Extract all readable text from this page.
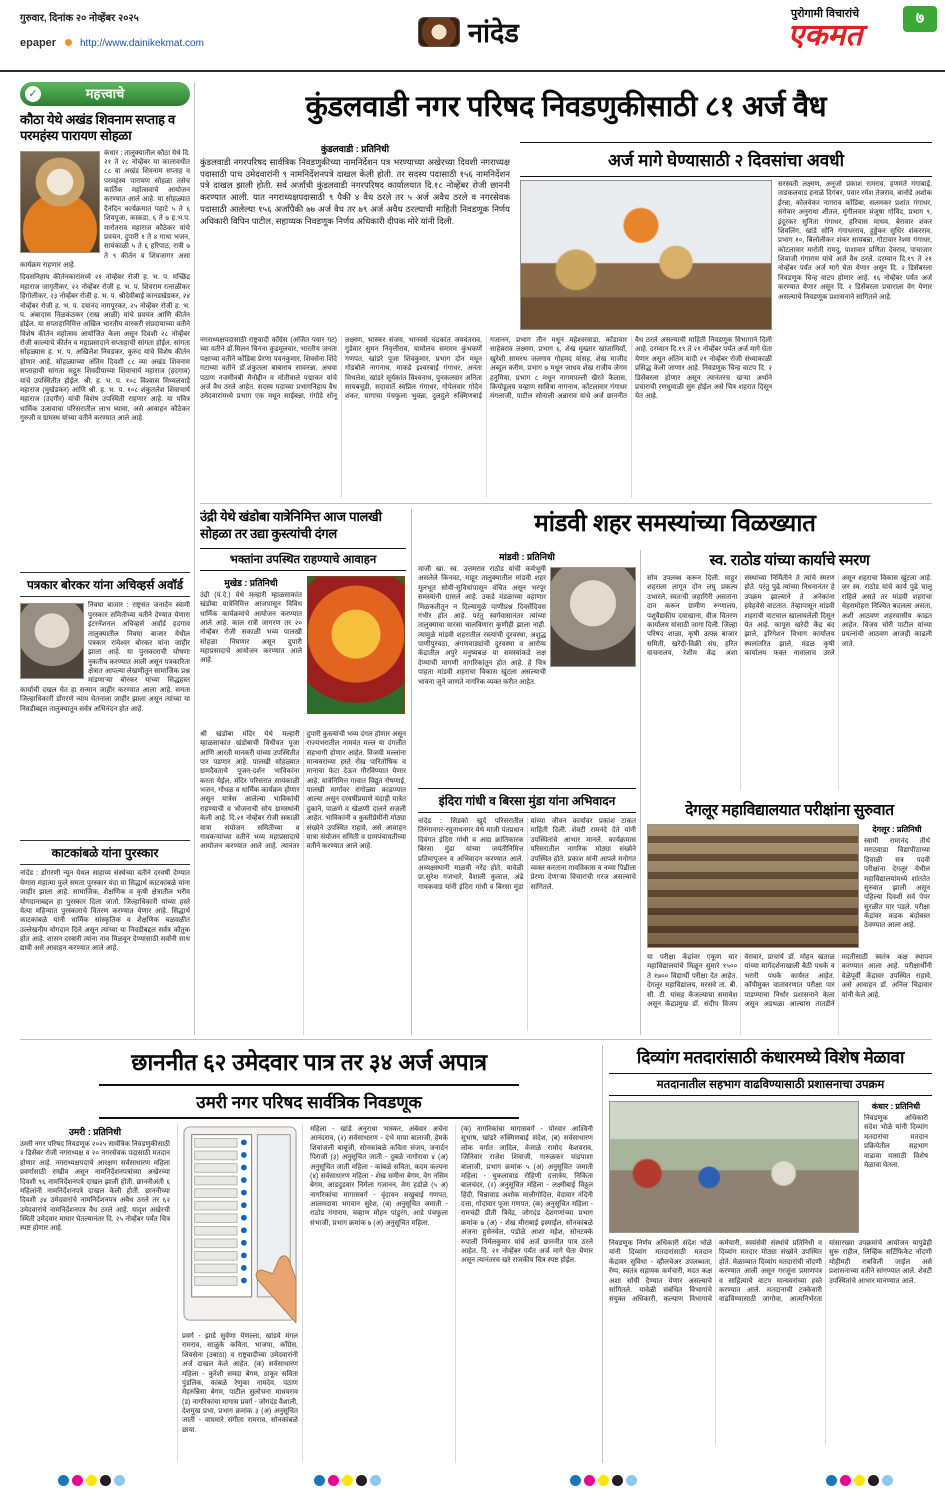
गुरुवार, दिनांक २० नोव्हेंबर २०२५
epaper http://www.dainikekmat.com	नांदेड
पुरोगामी विचारांचे
एकमत
७
✓	महत्त्वाचे
कौठा येथे अखंड शिवनाम सप्ताह व परमहंस्य पारायण सोहळा
कंधार : तालुक्यातील कौठा येथे दि. २१ ते २८ नोव्हेंबर या कालावधीत ८८ वा अखंड शिवनाम सप्ताह व परमहंस्य पारायण सोहळा तसेच कार्तिक महोत्सवाचे आयोजन करण्यात आले आहे. या सोहळ्यात दैनंदिन कार्यक्रमात पहाटे ५ ते ६ शिवपूजा, काकडा, ६ ते ७ ह.भ.प. मारोतराव महाराज कौठेकर यांचे प्रवचन, दुपारी १ ते ४ गाथा भजन, सायंकाळी ५ ते ६ हरिपाठ, रात्री ७ ते ९ कीर्तन व शिवजागर असा कार्यक्रम राहणार आहे.
दिवसनिहाय कीर्तनकारांमध्ये २१ नोव्हेंबर रोजी ह. भ. प. मच्छिंद्र महाराज जागृतीकर, २२ नोव्हेंबर रोजी ह. भ. प. शिवराम रत्नाळीकर हिंगोलीकर, २३ नोव्हेंबर रोजी ह. भ. प. श्रीदेवीबाई कानडखेडकर, २४ नोव्हेंबर रोजी ह. भ. प. दयानंद नागपूरकर, २५ नोव्हेंबर रोजी ह. भ. प. अंबादास निळकंठकर (राख आळी) यांचे प्रवचन आणि कीर्तन होईल. या सप्ताहानिमित्त अखिल भारतीय वारकरी संप्रदायाच्या वतीने विशेष कीर्तन महोत्सव आयोजित केला असून दिवशी २८ नोव्हेंबर रोजी काल्याचे कीर्तन व महाप्रसादाने सप्ताहाची सांगता होईल. सांगता सोहळ्यास ह. भ. प. अखिलेश निवडकर, कुरुंद यांचे विशेष कीर्तन होणार आहे. सोहळ्याच्या अंतिम दिवशी ८८ व्या अखंड शिवनाम सप्ताहाची सांगता सद्गुरु शिवदीपाच्या शिवाचार्य महाराज (हदगाव) यांचे उपस्थितीत होईल. श्री. ह. भ. प. १०८ विश्वास मिथ्यलवाड़े महाराज (मुखेडकर) आणि श्री. ह. भ. प. १०८ शंकुतलेश शिवाचार्य महाराज (उदगीर) यांची विशेष उपस्थिती राहणार आहे. या पवित्र धार्मिक उत्सवाचा परिसरातील लाभ घ्यावा, असे आवाहन कौठेकर गुरुजी व ग्रामस्थ यांच्या वतीने करण्यात आले आहे.
पत्रकार बोरकर यांना अचिव्हर्स अवॉर्ड
निवघा बाजार : राष्ट्रसंत जनार्दन स्वामी पुरस्कार समितीच्या वतीने देण्यात येणारा इंटरनॅशनल अचिव्हर्स अवॉर्ड हदगाव तालुक्यातील निवघा बाजार येथील पत्रकार रामेश्वर बोरकर यांना जाहीर झाला आहे. या पुरस्काराची घोषणा नुकतीच करण्यात आली असून पत्रकारिता क्षेत्रात आपल्या लेखणीतून सामाजिक प्रश्न मांडणाऱ्या बोरकर यांच्या सिद्धहस्त कार्याची दखल घेत हा सन्मान जाहीर करण्यात आला आहे. समता जिल्हाधिकारी डोंगरणे न्याय चेतनाला जाहीर झाला असून त्यांच्या या निवडीबद्दल तालुक्यातून सर्वत्र अभिनंदन होत आहे.
काटकांबळे यांना पुरस्कार
नांदेड : डोंगरणी न्यून येथल साहाय्य संस्थेच्या वतीने दरवर्षी देण्यात येणारा महात्मा फुले समता पुरस्कार यंदा या सिद्धार्थ काटकांबळे यांना जाहीर झाला आहे. सामाजिक, शैक्षणिक व कृषी क्षेत्रातील भरीव योगदानाबद्दल हा पुरस्कार दिला जातो. जिल्हाधिकारी यांच्या हस्ते येत्या महिन्यात पुरस्काराचे वितरण करण्यात येणार आहे. सिद्धार्थ काटकांबळे यांनी धार्मिक सांस्कृतिक व शैक्षणिक चळवळीत उल्लेखनीय योगदान दिले असून त्यांच्या या निवडीबद्दल सर्वत्र कौतुक होत आहे. शासन दरबारी त्यांना नाव मिळवून देण्यासाठी सर्वांनी साथ द्यावी असे आवाहन करण्यात आले आहे.
कुंडलवाडी नगर परिषद निवडणुकीसाठी ८१ अर्ज वैध
कुंडलवाडी : प्रतिनिधी
कुंडलवाडी नगरपरिषद सार्वत्रिक निवडणुकीच्या नामनिर्देशन पत्र भरण्याच्या अखेरच्या दिवशी नगराध्यक्ष पदासाठी पाच उमेदवारांनी ९ नामनिर्देशनपत्रे दाखल केली होती. तर सदस्य पदासाठी १५६ नामनिर्देशन पत्रे दाखल झाली होती. सर्व अर्जांची कुंडलवाडी नगरपरिषद कार्यालयात दि.१८ नोव्हेंबर रोजी छाननी करण्यात आली. यात नगराध्यक्षपदासाठी ९ पैकी ४ वैध ठरले तर ५ अर्ज अवैध ठरले व नगरसेवक पदासाठी आलेल्या १५६ अर्जांपैकी ७७ अर्ज वैध तर ७९ अर्ज अवैध ठरल्याची माहिती निवडणूक निर्णय अधिकारी विपिन पाटील, सहाय्यक निवडणूक निर्णय अधिकारी दीपक मोरे यांनी दिली.
अर्ज मागे घेण्यासाठी २ दिवसांचा अवधी
सरस्वती लक्ष्मण, अनूजो प्रकाश रामराव, हणमंते गंगाबाई, ताडकलवाड हनाळे दिगंबर, पवार रमेश तेजराव, बानोडे अशोक ईरन्ना, कोलवेकर नागराव कोंडिबा, सलमकर प्रशांत गंगाधर, संगेवार अनुराधा शीतल, मुंगीलवार मंजूषा गोविंद, प्रभाग ९, इंदूरकर सुनिता गंगाधर, हरिवास माधव, बेरावार शंकर शिवलिंग, खांडे सोनि गंगाधरराव, हुड्डेकर सुधिर शंकरराव, प्रभाग १०, बिलोलीकर शंकर सायबन्ना, गोटावार रेश्मा गंगाधर, कोटलावार मारोती रामदु, पाशावार प्रणिता देवराव, पाचाजार शिवाजी गंगाराम यांचे अर्ज वैध ठरले. दरम्यान दि.१९ ते २१ नोव्हेंबर पर्यंत अर्ज मागे घेता येणार असून दि. २ डिसेंबरला निवडणूक चिन्ह वाटप होणार आहे. १६ नोव्हेंबर पर्यंत अर्ज करण्यात येणार असून दि. २ डिसेंबरला प्रचाराला वेग येणार असल्याचे निवडणूक प्रशासनाने सांगितले आहे.
नगराध्यक्षपदासाठी राष्ट्रवादी काँग्रेस (अजित पवार गट) च्या वतीने डॉ.मिलन चिनना कुडमूलवार, भारतीय जनता पक्षाच्या वतीने कोंडिबा प्रेरणा पवनकुमार, शिवसेना शिंदे गटाच्या वतीने डॉ.शंकुतला बाबाराव सावनन्ना, अथवा पठाण नजमीनबी मैनोद्दीन व मोतीवाले पद्माकर यांचे अर्ज वैध ठरले आहेत. सदस्य पदाच्या प्रभागनिहाय वैध उमेदवारांमध्ये प्रभाग एक मधून साईबन्ना, गंगोडे सोनू लक्ष्मण, भास्कर संजय, भानवसे चंद्रकांत जयवंतराव, गुडेवार सुमन निवृत्तीराव, यामोलच समारम कुंभकर्णे गणपत, खांडरे पूजा शिवकुमार, प्रभाग दोन मधून गोडबोले नागनाथ, माकडे इश्वरबाई गंगाधर, अनंता मिथलेश, खांडरे सूर्यकांत विश्वनाथ, पुनकलवार अनिता सायबचूडी, सदावार्ते स्वप्निल गंगाधर, गोपेलवार गोदेन शंकर, यागाचा पंचफुला भुवन्ना, दुलदुले रुक्मिणबाई गजानन, प्रभाग तीन मधून महेश्वरवाडा, कोंडावार साहेबराव लक्ष्मण, प्रभाग ६, शेख मुख्तार खाजामियाँ, खुरेशी सामरथ जलगाव गोहमद यांसह, शेख माजीद अब्दुल करीम, प्रभाग ७ मधून जाधव शेख राजीव जेगम हनुमिया, प्रभाग ८ मधून नागमपल्ली खैरते कैलास, कियोडूलय चव्हाण सावित्रा नागनाथ, कोंटलावार गंगाधर मंगलाजी, पाटील सोनाली अन्नाराव यांचे अर्ज छाननीत वैध ठरले असल्याची माहिती निवडणूक विभागाने दिली आहे. दरम्यान दि.१९ ते २१ नोव्हेंबर पर्यंत अर्ज मागे घेता येणार असून अंतिम यादी २१ नोव्हेंबर रोजी संध्याकाळी प्रसिद्ध केली जाणार आहे. निवडणूक चिन्ह वाटप दि. २ डिसेंबरला होणार असून त्यानंतरच खऱ्या अर्थाने प्रचाराची रणधुमाळी सुरु होईल असे चित्र शहरात दिसून येत आहे.
उंद्री येथे खंडोबा यात्रेनिमित्त आज पालखी सोहळा तर उद्या कुस्त्यांची दंगल
भक्तांना उपस्थित राहण्याचे आवाहन
मुखेड : प्रतिनिधी
उंद्री (पं.दे.) येथे मल्हारी म्हाळसाकांत खंडोबा यात्रेनिमित्त आजपासून विविध धार्मिक कार्यक्रमांचे आयोजन करण्यात आले आहे. काल रात्री जागरण तर २० नोव्हेंबर रोजी सकाळी भव्य पालखी सोहळा निघणार असून दुपारी महाप्रसादाचे आयोजन करण्यात आले आहे.
श्री खंडोबा मंदिर येथे मल्हारी म्हाळसाकांत खंडोबाची विधीवत पूजा आणि आरती मानकरी यांच्या उपस्थितीत पार पडणार आहे. पालखी सोहळ्यात ग्रामदैवताचे पूजन-दर्शन भाविकांना करता येईल. मंदिर परिसरात सायंकाळी भजन, गोंधळ व धार्मिक कार्यक्रम होणार असून यात्रेस आलेल्या भाविकांची राहण्याची व भोजनाची सोय ग्रामस्थांनी केली आहे. दि.२१ नोव्हेंबर रोजी सकाळी यात्रा संयोजन समितीच्या व गावकऱ्यांच्या वतीने भव्य महाप्रसादाचे आयोजन करण्यात आले आहे. त्यानंतर दुपारी कुस्त्यांची भव्य दंगल होणार असून राज्यभरातील नामवंत मल्ल या दंगलीत सहभागी होणार आहेत. विजयी मल्लांना मान्यवरांच्या हस्ते रोख पारितोषिक व मानाचा फेटा देऊन गौरविण्यात येणार आहे. यात्रेनिमित्त गावात विद्युत रोषणाई, पालखी मार्गावर रांगोळ्या काढण्यात आल्या असून दरवर्षीप्रमाणे यंदाही यात्रेत दुकाने, पाळणे व खेळणी दालने सजली आहेत. भाविकांनी व कुस्तीप्रेमींनी मोठ्या संख्येने उपस्थित राहावे, असे आवाहन यात्रा संयोजन समिती व ग्रामपंचायतीच्या वतीने करण्यात आले आहे.
मांडवी शहर समस्यांच्या विळख्यात
मांडवी : प्रतिनिधी
माजी खा. स्व. उत्तमराव राठोड यांची कर्मभूमी असलेले किनवट, माहूर तालुक्यातील मांडवी शहर मूलभूत सोयी-सुविधांपासून वंचित असून भरपूर समस्यांनी ग्रासले आहे. उकडे मंडळाच्या वहाणार मिळकतीतून न दिल्यामुळे पाणीप्रश्न दिवसेंदिवस गंभीर होत आहे. परंतु स्वर्गवासानंतर त्यांच्या तालुक्याचा वारसा चालविणारा कुणीही झाला नाही. त्यामुळे मांडवी शहरातील रस्त्यांची दुरवस्था, अशुद्ध पाणीपुरवठा, अंगणवाड्यांची दुरवस्था व आरोग्य केंद्रातील अपुरे मनुष्यबळ या समस्यांकडे लक्ष देण्याची मागणी नागरिकांतून होत आहे. हे चित्र पाहता मांडवी शहराचा विकास खुंटला असल्याची भावना जुने जाणते नागरिक व्यक्त करीत आहेत.
इंदिरा गांधी व बिरसा मुंडा यांना अभिवादन
नांदेड : सिडको खुर्द परिसरातील तिरंगानगर-रघुनाथनगर येथे माजी पंतप्रधान दिवंगत इंदिरा गांधी व आद्य क्रांतिकारक बिरसा मुंडा यांच्या जयंतीनिमित्त प्रतिमापूजन व अभिवादन करण्यात आले. अध्यक्षस्थानी माळवी नरेंद्र होते. यावेळी प्रा.सुरेश गजभारे, वैशाली कुलाल, अंढे गायकवाड यांनी इंदिरा गांधी व बिरसा मुंडा यांच्या जीवन कार्यावर प्रकाश टाकत माहिती दिली. शेवटी रामनंदे देते यांनी उपस्थितांचे आभार मानले. कार्यक्रमास परिसरातील नागरिक मोठ्या संख्येने उपस्थित होते. प्रकाश यांनी आपले मनोगत व्यक्त करताना गावविकास व नव्या पिढीला प्रेरणा देणाऱ्या विचारांची गरज असल्याचे सांगितले.
स्व. राठोड यांच्या कार्याचे स्मरण
सोय उपलब्ध करून दिली. माहूर शहराला लागून दोन लघु प्रकल्प उभारले, स्वतःची जहागिरी असताना दान करून ग्रामीण रुग्णालय, पशुवैद्यकीय दवाखाना, वीज वितरण कार्यालय यांसाठी जागा दिली. जिल्हा परिषद शाळा, कृषी उत्पन्न बाजार समिती, खरेदी-विक्री संघ, हरित वाचनालय, रेशीम केंद्र अशा संस्थांच्या निर्मितीने ते त्यांचे स्मरण होते. परंतु पुढे त्यांच्या निधनानंतर हे उपक्रम झाल्याने ते अनेकांना हवेहवेसे वाटतात. तेव्हापासून मांडवी शहराची वाटचाल खालावलेली दिसून येत आहे. कापूस खरेदी केंद्र बंद झाले, इरिगेशन विभाग कार्यालय स्थलांतरित झाले, मंडळ कृषी कार्यालय फक्त नावालाच उरले असून शहराचा विकास खुंटला आहे. जर स्व. राठोड यांचे कार्य पुढे चालू राहिले असते तर मांडवी शहराचा चेहरामोहरा निश्चित बदलला असता, अशी आठवण शहरवासीय काढत आहेत. विजय चोरी पाटील यांच्या प्रयत्नांची आठवण आजही काढली जाते.
देगलूर महाविद्यालयात परीक्षांना सुरुवात
देगलूर : प्रतिनिधी
स्वामी रामानंद तीर्थ मराठवाडा विद्यापीठाच्या हिवाळी सत्र पदवी परीक्षांना देगलूर येथील महाविद्यालयांमध्ये शांततेत सुरुवात झाली असून पहिल्या दिवशी सर्व पेपर सुरळीत पार पडले. परीक्षा केंद्रांवर कडक बंदोबस्त ठेवण्यात आला आहे.
या परीक्षा केंद्रांवर एकूण चार महाविद्यालयांचे मिळून सुमारे १५०० ते १७०० विद्यार्थी परीक्षा देत आहेत. देगलूर महाविद्यालय, मरसवे ता. बी. सी. टी. यांसह केंजल्याचा समावेश असून केंद्रप्रमुख डॉ. संदीप विजय वेरावार, प्राचार्य डॉ. मोहन खताळ यांच्या मार्गदर्शनाखाली बैठी पथके व भरारी पथके कार्यरत आहेत. कॉपीमुक्त वातावरणात परीक्षा पार पाडण्याचा निर्धार प्रशासनाने केला असून अडथळा आल्यास तातडीने मदतीसाठी स्वतंत्र कक्ष स्थापन करण्यात आला आहे. परीक्षार्थींनी वेळेपूर्वी केंद्रावर उपस्थित राहावे, असे आवाहन डॉ. अनिल चिद्रावार यांनी केले आहे.
छाननीत ६२ उमेदवार पात्र तर ३४ अर्ज अपात्र
उमरी नगर परिषद सार्वत्रिक निवडणूक
उमरी : प्रतिनिधी
उमरी नगर परिषद निवडणूक २०२५ सार्वत्रिक निवडणुकीसाठी २ डिसेंबर रोजी नगराध्यक्ष व २० नगरसेवक पदासाठी मतदान होणार आहे. नगराध्यक्षपदाचे आरक्षण सर्वसाधारण महिला प्रवर्गासाठी राखीव असून नामनिर्देशनपत्रांच्या अखेरच्या दिवशी ९६ नामनिर्देशनपत्रे दाखल झाली होती. छाननीअंती ६ महिलांनी नामनिर्देशनपत्रे दाखल केली होती. छाननीच्या दिवशी ३४ उमेदवारांचे नामनिर्देशनपत्र अवैध ठरले तर ६२ उमेदवारांचे नामनिर्देशनपत्र वैध ठरले आहे. यादृश अखेरची स्थिती उमेदवार माघार घेतल्यानंतर दि. २५ नोव्हेंबर पर्यंत चित्र स्पष्ट होणार आहे.
प्रवर्ग - झाडे सुर्वणा येणल्ला, खांडवे मंगल रामराव, साळुंके कविता, भाजपा, काँग्रेस, शिवसेना (उबाठा) व राष्ट्रवादीच्या उमेदवारांनी अर्ज दाखल केले आहेत. (क) सर्वसाधारण महिला - कुरेशी समदा बेगम, ठाकूर सविता पुंडलिक, कांबळे रेणुका नामदेव, पठाण मेहरुन्निसा बेगम, पाटील सुलोचना माधवराव (ड) नागरिकांचा मागास प्रवर्ग - जोगदंड वैशाली, देशमुख प्रभा, प्रभाग क्रमांक ३ (अ) अनुसूचित जाती - वाघमारे संगीता रामराव, सोनकांबळे छाया.
महिला - खांडे अनुराधा भास्कर, अंबेवार अर्चना आनंदराव, (२) सर्वसाधारण - दंभे माया बालाजी, हेमके शिवांजली बाबूजी, सोनकांबळे कविता संजय, जनार्दन पिराजी (३) अनुसूचित जाती - दुबळे नागोरावा ४ (अ) अनुसूचित जाती महिला - कांबळे सविता, कदम कल्पना (४) सर्वसाधारण महिला - शेख समीना बेगम, वेग नसिम बेगम, आडदुडवार निर्मला गजानन, वेण हडोळे (५ अ) नागरिकांचा मागासवर्ग - वृंदावन सखुबाई गणपत, आलमदावा भगवान सुरेश, (ब) अनुसूचित जमाती - राठोड गंगाराम, चव्हाण मोहन पांडुरंग, आडे पंचफुला संभाजी, प्रभाग क्रमांक ७ (अ) अनुसूचित महिला.
(क) नागरिकांचा मागासवर्ग - पोरवार आश्विनी सुभाष, खांडरे रुक्मिणबाई संदेश, (ब) सर्वसाधारण लोक वर्गात जादिल, वेजाळे रामोद केशवराव, जिनिवार राजेश शिवाजी, गारुळकर चांद्रपाशा बालाजी, प्रभाग क्रमांक ५ (अ) अनुसूचित जमाती महिला - चुकलावाड रोहिणी दत्तात्रेय, निकिता बालचंदर, (२) अनुसूचित महिला - लक्ष्मीबाई विठ्ठल हिंदी, चिन्नावाड अशोक मालीगोदिल, वेदावार नंदिनी दत्ता, गोदावार पूजा गणपत, (क) अनुसूचित महिला - रामचंद्री प्रीती त्रिवेंद्र, जोगदंड देशगणांच्या प्रभाग क्रमांक ७ (अ) - शेख मीराबाई इस्माईल, सोनकांबळे अंजना हुसेनवेल, पडोळे आशा महेश, सोनटक्के रुपाली निर्मलकुमार यांचे अर्ज छाननीत पात्र ठरले आहेत. दि. २१ नोव्हेंबर पर्यंत अर्ज मागे घेता येणार असून त्यानंतरच खरे राजकीय चित्र स्पष्ट होईल.
दिव्यांग मतदारांसाठी कंधारमध्ये विशेष मेळावा
मतदानातील सहभाग वाढविण्यासाठी प्रशासनाचा उपक्रम
कंधार : प्रतिनिधी
निवडणूक अधिकारी संदेश भोळे यांनी दिव्यांग मतदारांचा मतदान प्रक्रियेतील सहभाग वाढावा यासाठी विशेष मेळावा घेतला.
निवडणूक निर्णय अधिकारी संदेश भोळे यांनी दिव्यांग मतदारांसाठी मतदान केंद्रावर सुविधा - व्हीलचेअर उपलब्धता, रॅम्प, स्वतंत्र सहायक कर्मचारी, मदत कक्ष अशा सोयी देण्यात येणार असल्याचे सांगितले. यावेळी संबंधित विभागांचे संयुक्त अधिकारी, कल्याण विभागाचे कर्मचारी, स्वयंसेवी संस्थांचे प्रतिनिधी व दिव्यांग मतदार मोठ्या संख्येने उपस्थित होते. मेळाव्यात दिव्यांग मतदारांची नोंदणी करण्यात आली असून गरजूंना प्रमाणपत्र व साहित्याचे वाटप मान्यवरांच्या हस्ते करण्यात आले. मतदानाची टक्केवारी वाढविण्यासाठी जागोवा, आत्मनिर्भरता यांसारख्या उपक्रमांचे आयोजन यापुढेही सुरू राहील, लिव्हिंक सर्टिफिकेट नोंदणी मोहीमही राबविली जाईल असे प्रशासनाच्या वतीने सांगण्यात आले. शेवटी उपस्थितांचे आभार मानण्यात आले.
